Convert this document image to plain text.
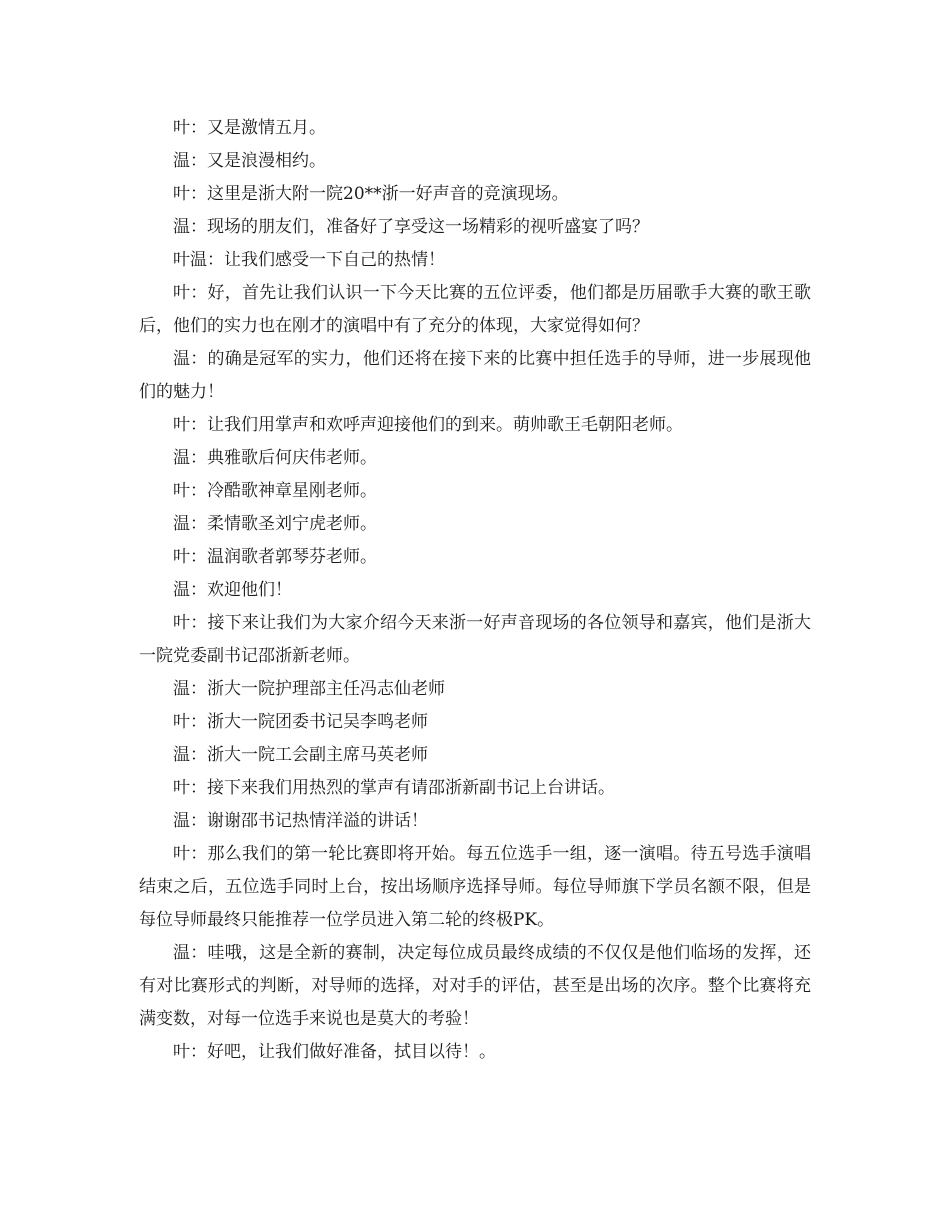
叶：又是激情五月。

温：又是浪漫相约。

叶：这里是浙大附一院20**浙一好声音的竞演现场。

温：现场的朋友们，准备好了享受这一场精彩的视听盛宴了吗？

叶温：让我们感受一下自己的热情！

叶：好，首先让我们认识一下今天比赛的五位评委，他们都是历届歌手大赛的歌王歌后，他们的实力也在刚才的演唱中有了充分的体现，大家觉得如何？

温：的确是冠军的实力，他们还将在接下来的比赛中担任选手的导师，进一步展现他们的魅力！

叶：让我们用掌声和欢呼声迎接他们的到来。萌帅歌王毛朝阳老师。

温：典雅歌后何庆伟老师。

叶：冷酷歌神章星刚老师。

温：柔情歌圣刘宁虎老师。

叶：温润歌者郭琴芬老师。

温：欢迎他们！

叶：接下来让我们为大家介绍今天来浙一好声音现场的各位领导和嘉宾，他们是浙大一院党委副书记邵浙新老师。

温：浙大一院护理部主任冯志仙老师

叶：浙大一院团委书记吴李鸣老师

温：浙大一院工会副主席马英老师

叶：接下来我们用热烈的掌声有请邵浙新副书记上台讲话。

温：谢谢邵书记热情洋溢的讲话！

叶：那么我们的第一轮比赛即将开始。每五位选手一组，逐一演唱。待五号选手演唱结束之后，五位选手同时上台，按出场顺序选择导师。每位导师旗下学员名额不限，但是每位导师最终只能推荐一位学员进入第二轮的终极PK。

温：哇哦，这是全新的赛制，决定每位成员最终成绩的不仅仅是他们临场的发挥，还有对比赛形式的判断，对导师的选择，对对手的评估，甚至是出场的次序。整个比赛将充满变数，对每一位选手来说也是莫大的考验！

叶：好吧，让我们做好准备，拭目以待！。
